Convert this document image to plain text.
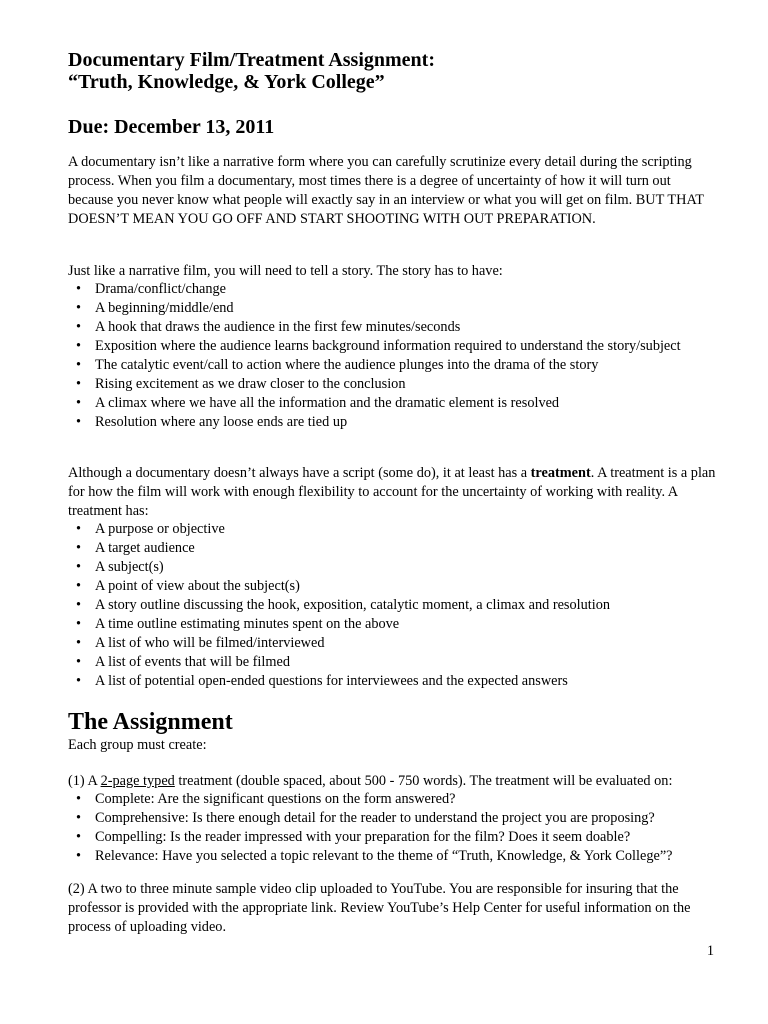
Documentary Film/Treatment Assignment:
“Truth, Knowledge, & York College”
Due: December 13, 2011

A documentary isn’t like a narrative form where you can carefully scrutinize every detail during the scripting process. When you film a documentary, most times there is a degree of uncertainty of how it will turn out because you never know what people will exactly say in an interview or what you will get on film. BUT THAT DOESN’T MEAN YOU GO OFF AND START SHOOTING WITH OUT PREPARATION.

Just like a narrative film, you will need to tell a story. The story has to have:

• Drama/conflict/change
• A beginning/middle/end
• A hook that draws the audience in the first few minutes/seconds
• Exposition where the audience learns background information required to understand the story/subject
• The catalytic event/call to action where the audience plunges into the drama of the story
• Rising excitement as we draw closer to the conclusion
• A climax where we have all the information and the dramatic element is resolved
• Resolution where any loose ends are tied up

Although a documentary doesn’t always have a script (some do), it at least has a treatment. A treatment is a plan for how the film will work with enough flexibility to account for the uncertainty of working with reality. A treatment has:

• A purpose or objective
• A target audience
• A subject(s)
• A point of view about the subject(s)
• A story outline discussing the hook, exposition, catalytic moment, a climax and resolution
• A time outline estimating minutes spent on the above
• A list of who will be filmed/interviewed
• A list of events that will be filmed
• A list of potential open-ended questions for interviewees and the expected answers
The Assignment

Each group must create:

(1) A 2-page typed treatment (double spaced, about 500 - 750 words). The treatment will be evaluated on:

• Complete: Are the significant questions on the form answered?
• Comprehensive: Is there enough detail for the reader to understand the project you are proposing?
• Compelling: Is the reader impressed with your preparation for the film? Does it seem doable?
• Relevance: Have you selected a topic relevant to the theme of “Truth, Knowledge, & York College”?

(2) A two to three minute sample video clip uploaded to YouTube. You are responsible for insuring that the professor is provided with the appropriate link. Review YouTube’s Help Center for useful information on the process of uploading video.

1
